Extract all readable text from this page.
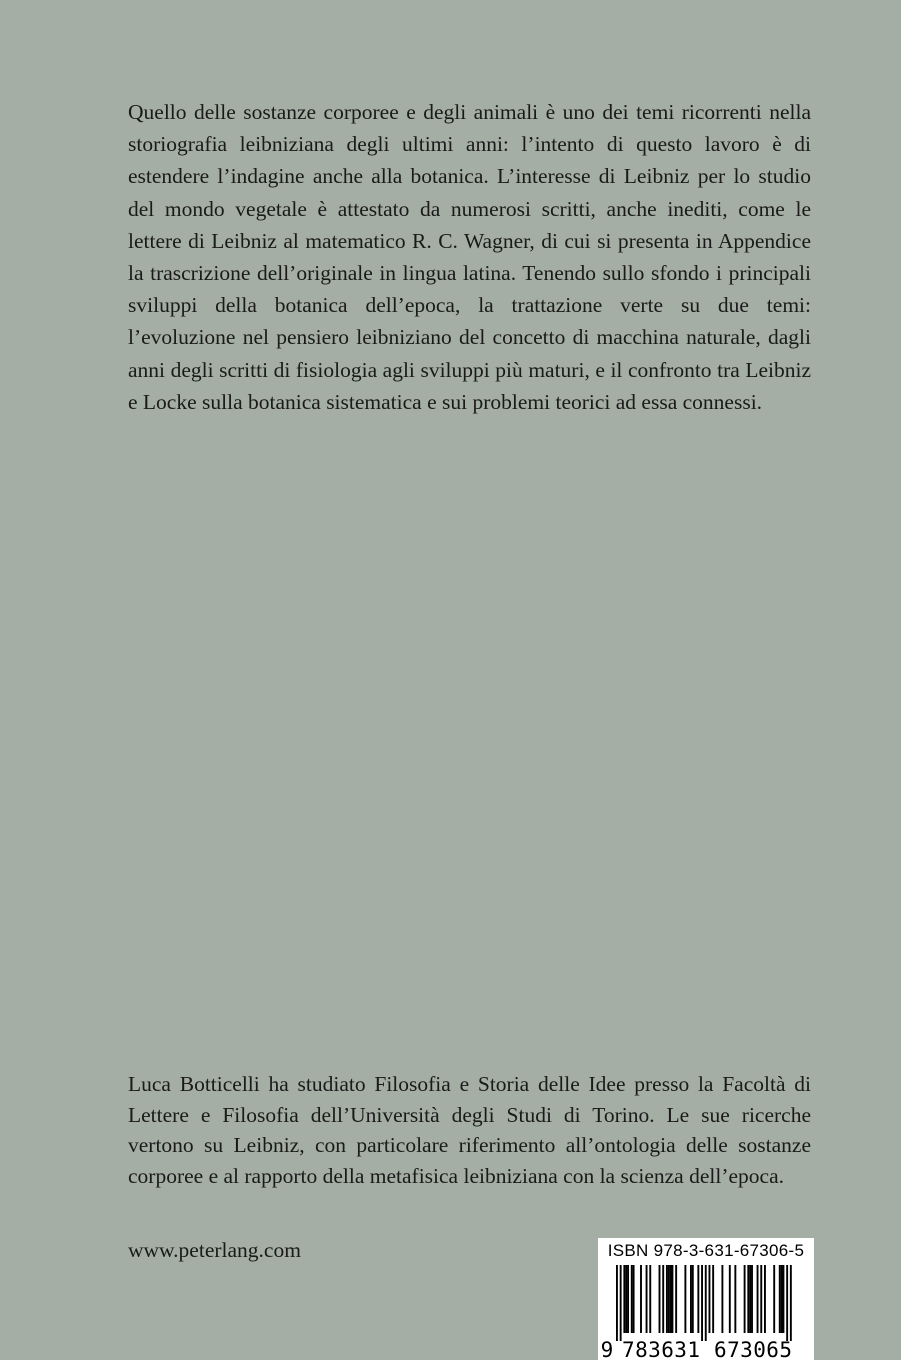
Quello delle sostanze corporee e degli animali è uno dei temi ricorrenti nella storiografia leibniziana degli ultimi anni: l’intento di questo lavoro è di estendere l’indagine anche alla botanica. L’interesse di Leibniz per lo studio del mondo vegetale è attestato da numerosi scritti, anche inediti, come le lettere di Leibniz al matematico R. C. Wagner, di cui si presenta in Appendice la trascrizione dell’originale in lingua latina. Tenendo sullo sfondo i principali sviluppi della botanica dell’epoca, la trattazione verte su due temi: l’evoluzione nel pensiero leibniziano del concetto di macchina naturale, dagli anni degli scritti di fisiologia agli sviluppi più maturi, e il confronto tra Leibniz e Locke sulla botanica sistematica e sui problemi teorici ad essa connessi.

Luca Botticelli ha studiato Filosofia e Storia delle Idee presso la Facoltà di Lettere e Filosofia dell’Università degli Studi di Torino. Le sue ricerche vertono su Leibniz, con particolare riferimento all’ontologia delle sostanze corporee e al rapporto della metafisica leibniziana con la scienza dell’epoca.

www.peterlang.com	ISBN 978-3-631-67306-5
9 783631 673065
